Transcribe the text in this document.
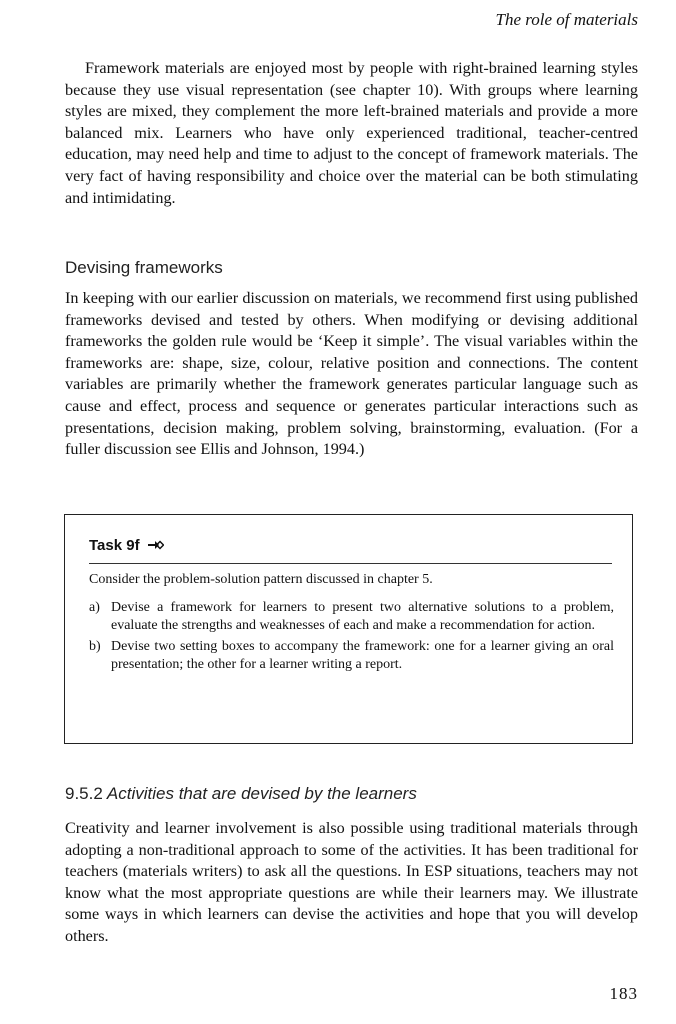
The role of materials

Framework materials are enjoyed most by people with right-brained learning styles because they use visual representation (see chapter 10). With groups where learning styles are mixed, they complement the more left-brained materials and provide a more balanced mix. Learners who have only experienced traditional, teacher-centred education, may need help and time to adjust to the concept of framework materials. The very fact of having responsibility and choice over the material can be both stimulating and intimidating.

Devising frameworks

In keeping with our earlier discussion on materials, we recommend first using published frameworks devised and tested by others. When modifying or devising additional frameworks the golden rule would be ‘Keep it simple’. The visual variables within the frameworks are: shape, size, colour, relative position and connections. The content variables are primarily whether the framework generates particular language such as cause and effect, process and sequence or generates particular interactions such as presentations, decision making, problem solving, brainstorming, evaluation. (For a fuller discussion see Ellis and Johnson, 1994.)

Task 9f
Consider the problem-solution pattern discussed in chapter 5.
a) Devise a framework for learners to present two alternative solutions to a problem, evaluate the strengths and weaknesses of each and make a recommendation for action.
b) Devise two setting boxes to accompany the framework: one for a learner giving an oral presentation; the other for a learner writing a report.
9.5.2 Activities that are devised by the learners

Creativity and learner involvement is also possible using traditional materials through adopting a non-traditional approach to some of the activities. It has been traditional for teachers (materials writers) to ask all the questions. In ESP situations, teachers may not know what the most appropriate questions are while their learners may. We illustrate some ways in which learners can devise the activities and hope that you will develop others.

183
